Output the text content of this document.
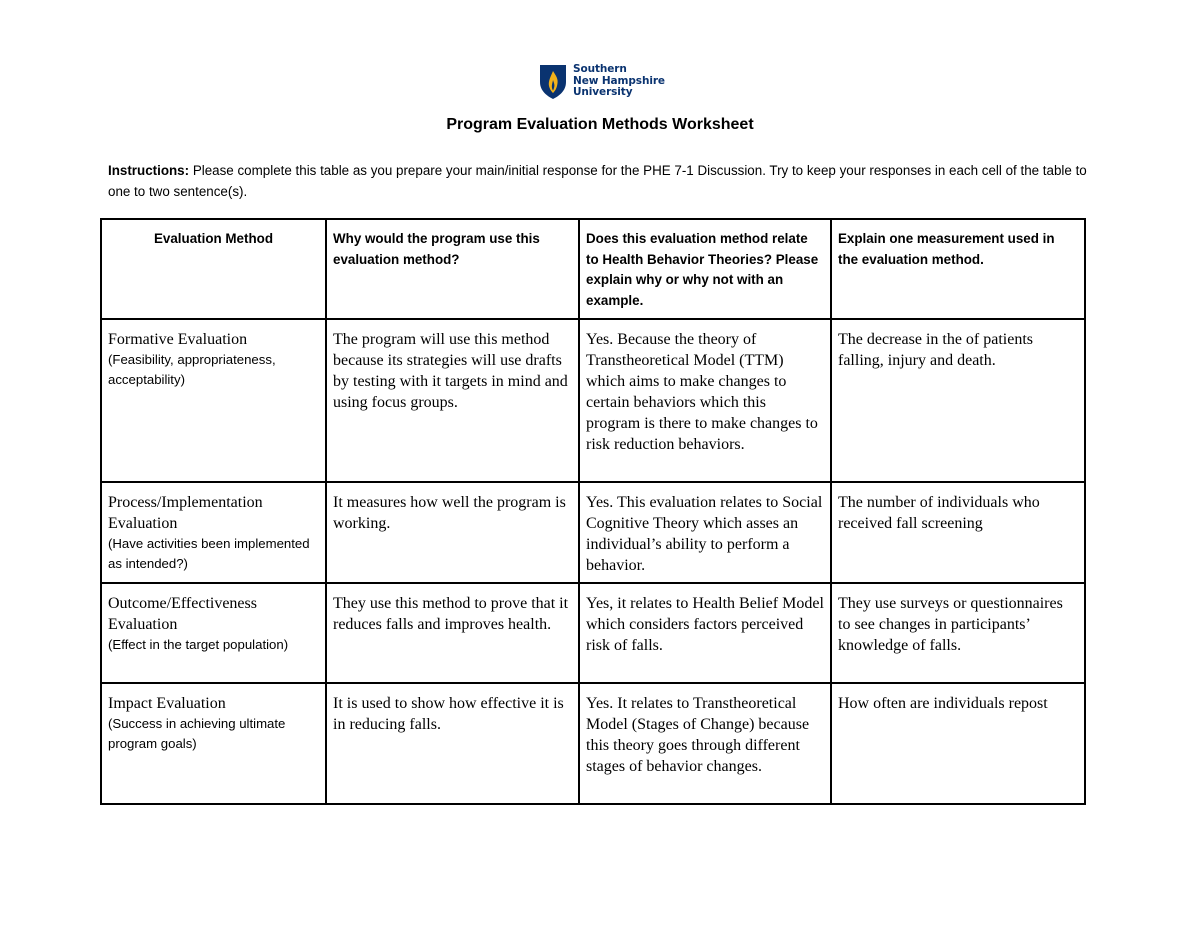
Southern
New Hampshire
University
Program Evaluation Methods Worksheet
Instructions: Please complete this table as you prepare your main/initial response for the PHE 7-1 Discussion. Try to keep your responses in each cell of the table to one to two sentence(s).
Evaluation Method	Why would the program use this evaluation method?	Does this evaluation method relate to Health Behavior Theories? Please explain why or why not with an example.	Explain one measurement used in the evaluation method.
Formative Evaluation
(Feasibility, appropriateness, acceptability)	The program will use this method because its strategies will use drafts by testing with it targets in mind and using focus groups.	Yes. Because the theory of Transtheoretical Model (TTM) which aims to make changes to certain behaviors which this program is there to make changes to risk reduction behaviors.	The decrease in the of patients falling, injury and death.
Process/Implementation Evaluation
(Have activities been implemented as intended?)	It measures how well the program is working.	Yes. This evaluation relates to Social Cognitive Theory which asses an individual’s ability to perform a behavior.	The number of individuals who received fall screening
Outcome/Effectiveness Evaluation
(Effect in the target population)	They use this method to prove that it reduces falls and improves health.	Yes, it relates to Health Belief Model which considers factors perceived risk of falls.	They use surveys or questionnaires to see changes in participants’ knowledge of falls.
Impact Evaluation
(Success in achieving ultimate program goals)	It is used to show how effective it is in reducing falls.	Yes. It relates to Transtheoretical Model (Stages of Change) because this theory goes through different stages of behavior changes.	How often are individuals repost
